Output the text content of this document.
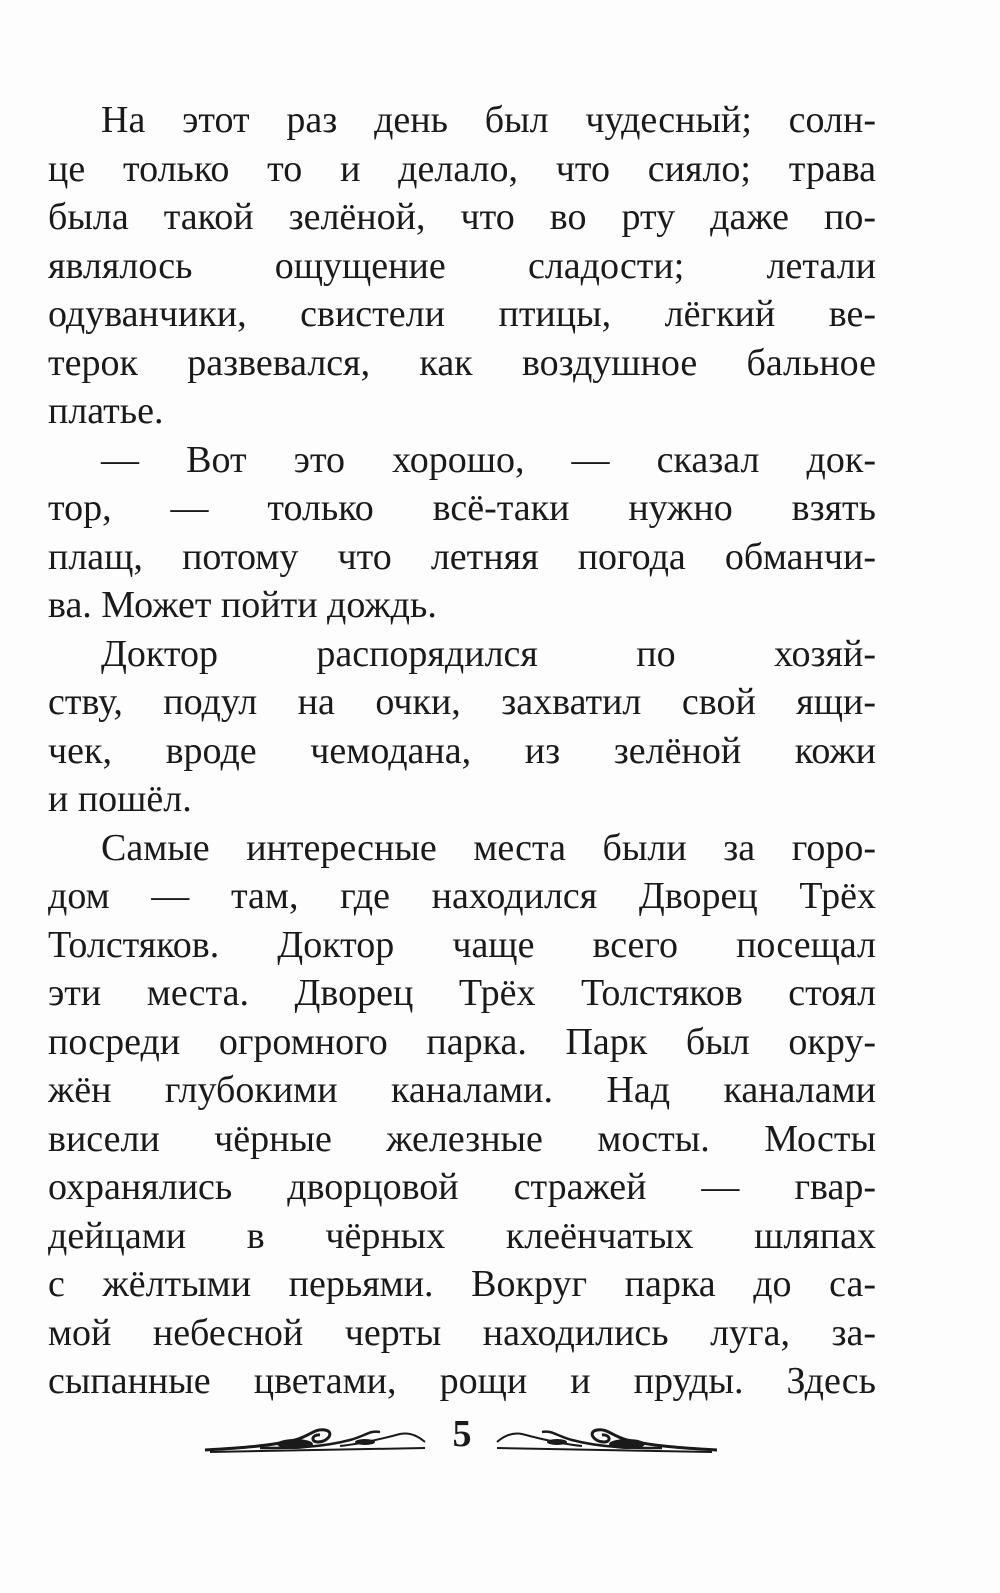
На этот раз день был чудесный; солн-
це только то и делало, что сияло; трава
была такой зелёной, что во рту даже по-
являлось ощущение сладости; летали
одуванчики, свистели птицы, лёгкий ве-
терок развевался, как воздушное бальное
платье.
— Вот это хорошо, — сказал док-
тор, — только всё-таки нужно взять
плащ, потому что летняя погода обманчи-
ва. Может пойти дождь.
Доктор распорядился по хозяй-
ству, подул на очки, захватил свой ящи-
чек, вроде чемодана, из зелёной кожи
и пошёл.
Самые интересные места были за горо-
дом — там, где находился Дворец Трёх
Толстяков. Доктор чаще всего посещал
эти места. Дворец Трёх Толстяков стоял
посреди огромного парка. Парк был окру-
жён глубокими каналами. Над каналами
висели чёрные железные мосты. Мосты
охранялись дворцовой стражей — гвар-
дейцами в чёрных клеёнчатых шляпах
с жёлтыми перьями. Вокруг парка до са-
мой небесной черты находились луга, за-
сыпанные цветами, рощи и пруды. Здесь
5
